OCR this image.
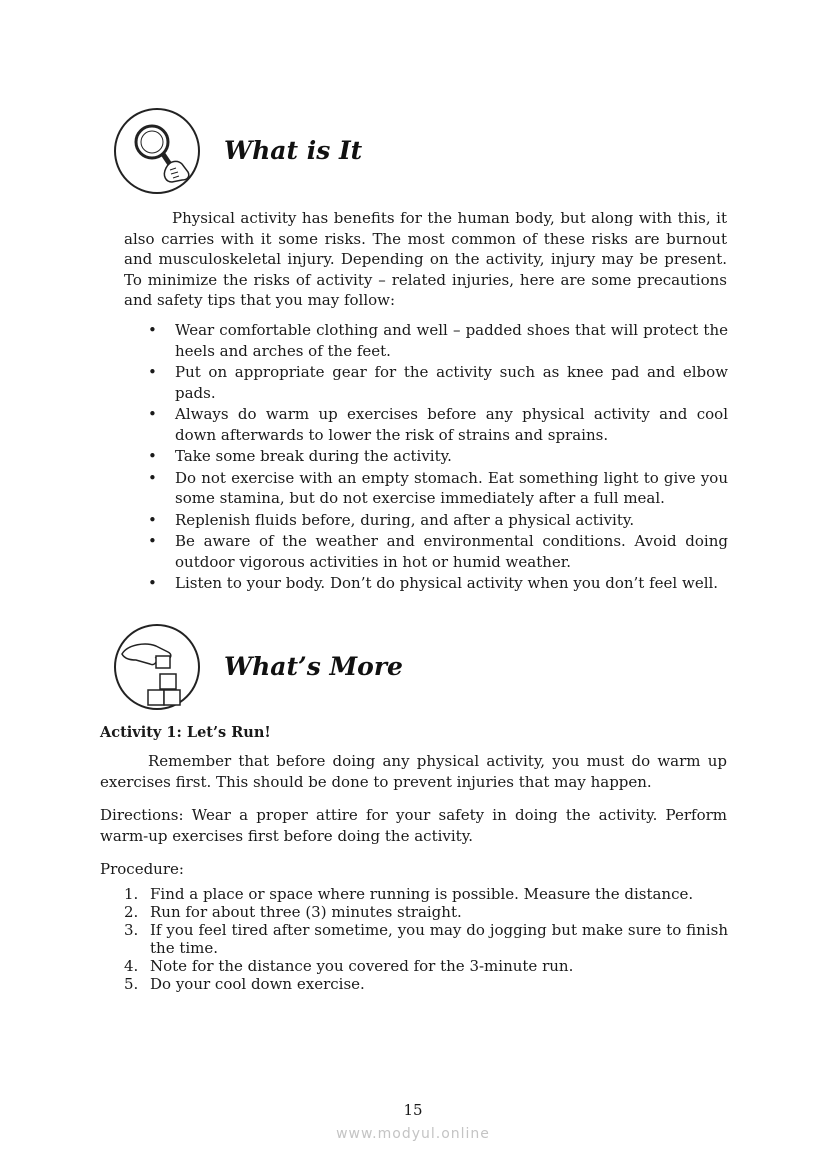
What is It
Physical activity has benefits for the human body, but along with this, it also carries with it some risks. The most common of these risks are burnout and musculoskeletal injury. Depending on the activity, injury may be present. To minimize the risks of activity – related injuries, here are some precautions and safety tips that you may follow:
• Wear comfortable clothing and well – padded shoes that will protect the heels and arches of the feet.
• Put on appropriate gear for the activity such as knee pad and elbow pads.
• Always do warm up exercises before any physical activity and cool down afterwards to lower the risk of strains and sprains.
• Take some break during the activity.
• Do not exercise with an empty stomach. Eat something light to give you some stamina, but do not exercise immediately after a full meal.
• Replenish fluids before, during, and after a physical activity.
• Be aware of the weather and environmental conditions. Avoid doing outdoor vigorous activities in hot or humid weather.
• Listen to your body. Don’t do physical activity when you don’t feel well.
What’s More
Activity 1: Let’s Run!
Remember that before doing any physical activity, you must do warm up exercises first. This should be done to prevent injuries that may happen.
Directions: Wear a proper attire for your safety in doing the activity. Perform warm-up exercises first before doing the activity.
Procedure:
1. Find a place or space where running is possible. Measure the distance.
2. Run for about three (3) minutes straight.
3. If you feel tired after sometime, you may do jogging but make sure to finish the time.
4. Note for the distance you covered for the 3-minute run.
5. Do your cool down exercise.
15
www.modyul.online
